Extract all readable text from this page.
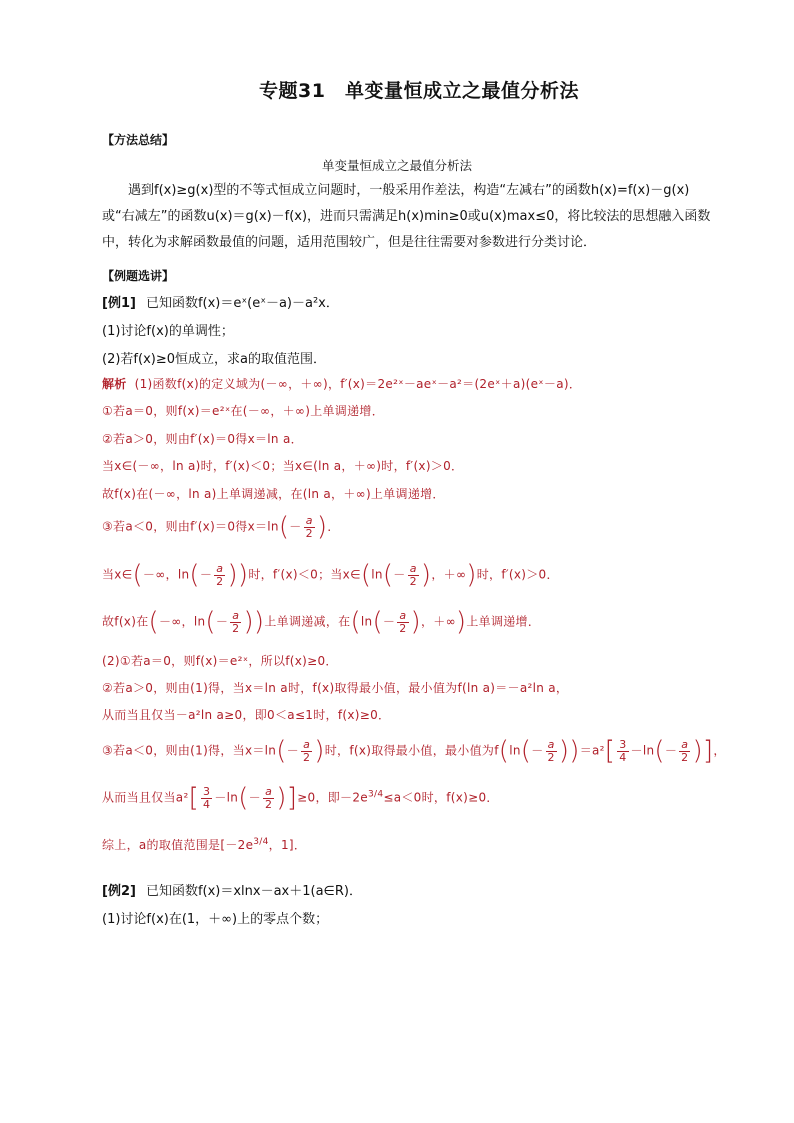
专题31　单变量恒成立之最值分析法
【方法总结】
单变量恒成立之最值分析法
遇到f(x)≥g(x)型的不等式恒成立问题时，一般采用作差法，构造“左减右”的函数h(x)=f(x)－g(x)或“右减左”的函数u(x)＝g(x)－f(x)，进而只需满足h(x)min≥0或u(x)max≤0，将比较法的思想融入函数中，转化为求解函数最值的问题，适用范围较广，但是往往需要对参数进行分类讨论．
【例题选讲】
[例1] 已知函数f(x)＝eˣ(eˣ－a)－a²x．
(1)讨论f(x)的单调性；
(2)若f(x)≥0恒成立，求a的取值范围．
解析 (1)函数f(x)的定义域为(－∞，＋∞)，f′(x)＝2e²ˣ－aeˣ－a²＝(2eˣ＋a)(eˣ－a)．
①若a＝0，则f(x)＝e²ˣ在(－∞，＋∞)上单调递增．
②若a＞0，则由f′(x)＝0得x＝ln a．
当x∈(－∞，ln a)时，f′(x)＜0；当x∈(ln a，＋∞)时，f′(x)＞0．
故f(x)在(－∞，ln a)上单调递减，在(ln a，＋∞)上单调递增．
③若a＜0，则由f′(x)＝0得$x=\ln(- \frac{a}{2}$ )．
当x∈(－∞，$\ln(- \frac{a}{2}$ ))时，f′(x)＜0；当x∈(ln(－ $\frac{a}{2}$ )，＋∞)时，f′(x)＞0．
故f(x)在(－∞，$\ln(- \frac{a}{2}$ ))上单调递减，在($\ln(- \frac{a}{2}$ )，＋∞)上单调递增．
(2)①若a＝0，则f(x)＝e²ˣ，所以f(x)≥0．
②若a＞0，则由(1)得，当x＝ln a时，f(x)取得最小值，最小值为f(ln a)＝－a²ln a，
从而当且仅当－a²ln a≥0，即0＜a≤1时，f(x)≥0．
③若a＜0，则由(1)得，当$x=\ln(- \frac{a}{2}$ )时，f(x)取得最小值，最小值为$f(\ln(- \frac{a}{2} ))=a^2[ \frac{3}{4} -\ln(- \frac{a}{2}$ )]，
从而当且仅当$a^2[ \frac{3}{4} -\ln(- \frac{a}{2} )]\ge 0$，即$-2e^{3/4}\le a<0$时，f(x)≥0．
综上，a的取值范围是[$-2e^{3/4}$，1]．
[例2] 已知函数f(x)＝xlnx－ax＋1(a∈R)．
(1)讨论f(x)在(1，＋∞)上的零点个数；
